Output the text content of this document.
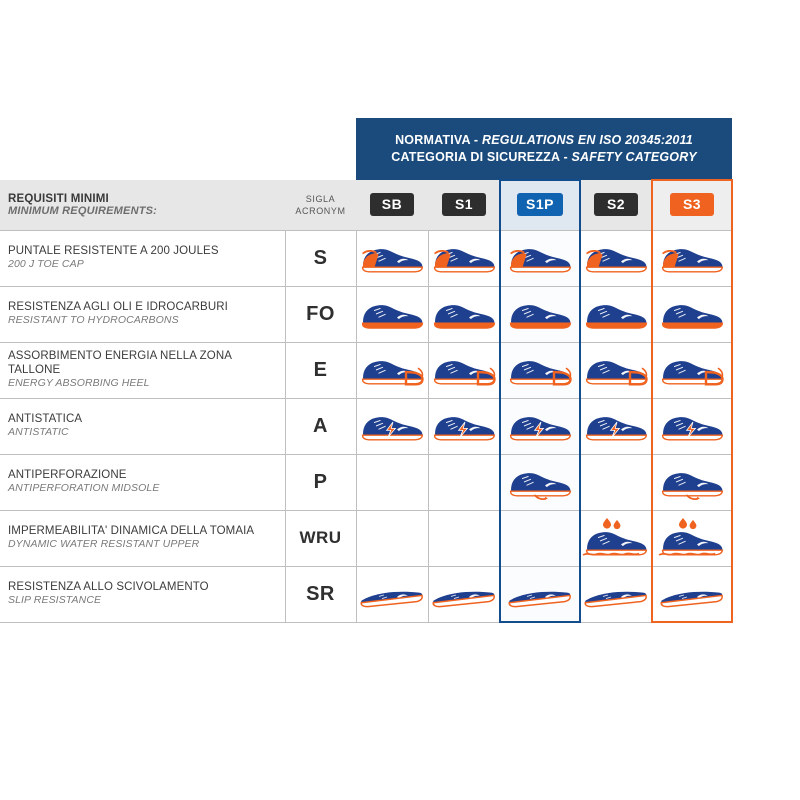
		NORMATIVA - REGULATIONS EN ISO 20345:2011
CATEGORIA DI SICUREZZA - SAFETY CATEGORY					

REQUISITI MINIMI
MINIMUM REQUIREMENTS:

SIGLA
ACRONYM	SB	S1	S1P	S2	S3	

PUNTALE RESISTENTE A 200 JOULES
200 J TOE CAP	S	

RESISTENZA AGLI OLI E IDROCARBURI
RESISTANT TO HYDROCARBONS	FO	

ASSORBIMENTO ENERGIA NELLA ZONA TALLONE
ENERGY ABSORBING HEEL	E	

ANTISTATICA
ANTISTATIC	A	

ANTIPERFORAZIONE
ANTIPERFORATION MIDSOLE	P			

IMPERMEABILITA' DINAMICA DELLA TOMAIA
DYNAMIC WATER RESISTANT UPPER	WRU				

RESISTENZA ALLO SCIVOLAMENTO
SLIP RESISTANCE	SR	
